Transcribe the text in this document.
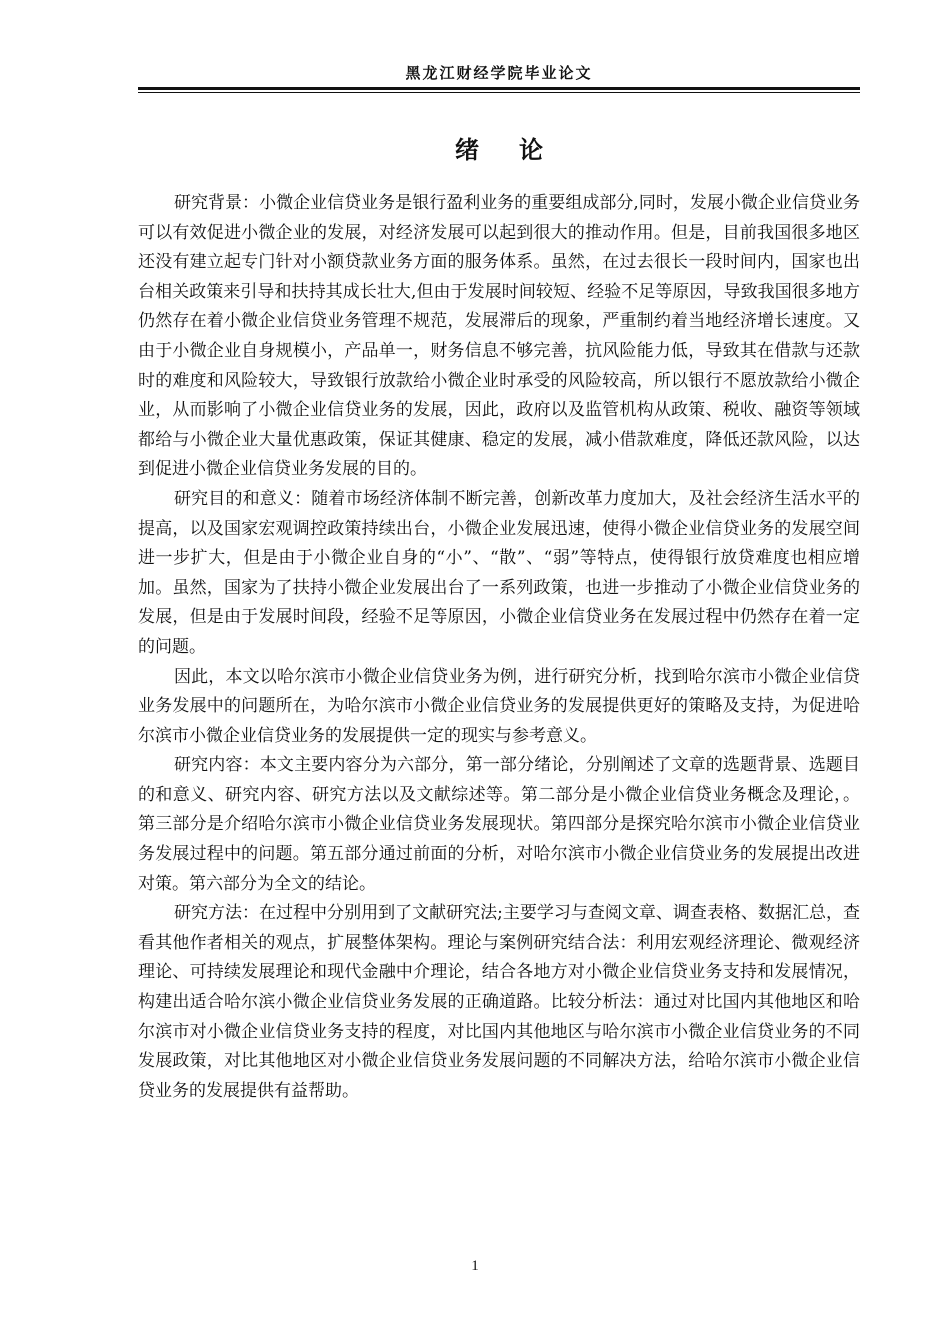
黑龙江财经学院毕业论文
绪论

研究背景：小微企业信贷业务是银行盈利业务的重要组成部分,同时，发展小微企业信贷业务可以有效促进小微企业的发展，对经济发展可以起到很大的推动作用。但是，目前我国很多地区还没有建立起专门针对小额贷款业务方面的服务体系。虽然，在过去很长一段时间内，国家也出台相关政策来引导和扶持其成长壮大,但由于发展时间较短、经验不足等原因，导致我国很多地方仍然存在着小微企业信贷业务管理不规范，发展滞后的现象，严重制约着当地经济增长速度。又由于小微企业自身规模小，产品单一，财务信息不够完善，抗风险能力低，导致其在借款与还款时的难度和风险较大，导致银行放款给小微企业时承受的风险较高，所以银行不愿放款给小微企业，从而影响了小微企业信贷业务的发展，因此，政府以及监管机构从政策、税收、融资等领域都给与小微企业大量优惠政策，保证其健康、稳定的发展，减小借款难度，降低还款风险，以达到促进小微企业信贷业务发展的目的。

研究目的和意义：随着市场经济体制不断完善，创新改革力度加大，及社会经济生活水平的提高，以及国家宏观调控政策持续出台，小微企业发展迅速，使得小微企业信贷业务的发展空间进一步扩大，但是由于小微企业自身的“小”、“散”、“弱”等特点，使得银行放贷难度也相应增加。虽然，国家为了扶持小微企业发展出台了一系列政策，也进一步推动了小微企业信贷业务的发展，但是由于发展时间段，经验不足等原因，小微企业信贷业务在发展过程中仍然存在着一定的问题。

因此，本文以哈尔滨市小微企业信贷业务为例，进行研究分析，找到哈尔滨市小微企业信贷业务发展中的问题所在，为哈尔滨市小微企业信贷业务的发展提供更好的策略及支持，为促进哈尔滨市小微企业信贷业务的发展提供一定的现实与参考意义。

研究内容：本文主要内容分为六部分，第一部分绪论，分别阐述了文章的选题背景、选题目的和意义、研究内容、研究方法以及文献综述等。第二部分是小微企业信贷业务概念及理论，。第三部分是介绍哈尔滨市小微企业信贷业务发展现状。第四部分是探究哈尔滨市小微企业信贷业务发展过程中的问题。第五部分通过前面的分析，对哈尔滨市小微企业信贷业务的发展提出改进对策。第六部分为全文的结论。

研究方法：在过程中分别用到了文献研究法;主要学习与查阅文章、调查表格、数据汇总，查看其他作者相关的观点，扩展整体架构。理论与案例研究结合法：利用宏观经济理论、微观经济理论、可持续发展理论和现代金融中介理论，结合各地方对小微企业信贷业务支持和发展情况，构建出适合哈尔滨小微企业信贷业务发展的正确道路。比较分析法：通过对比国内其他地区和哈尔滨市对小微企业信贷业务支持的程度，对比国内其他地区与哈尔滨市小微企业信贷业务的不同发展政策，对比其他地区对小微企业信贷业务发展问题的不同解决方法，给哈尔滨市小微企业信贷业务的发展提供有益帮助。

1
